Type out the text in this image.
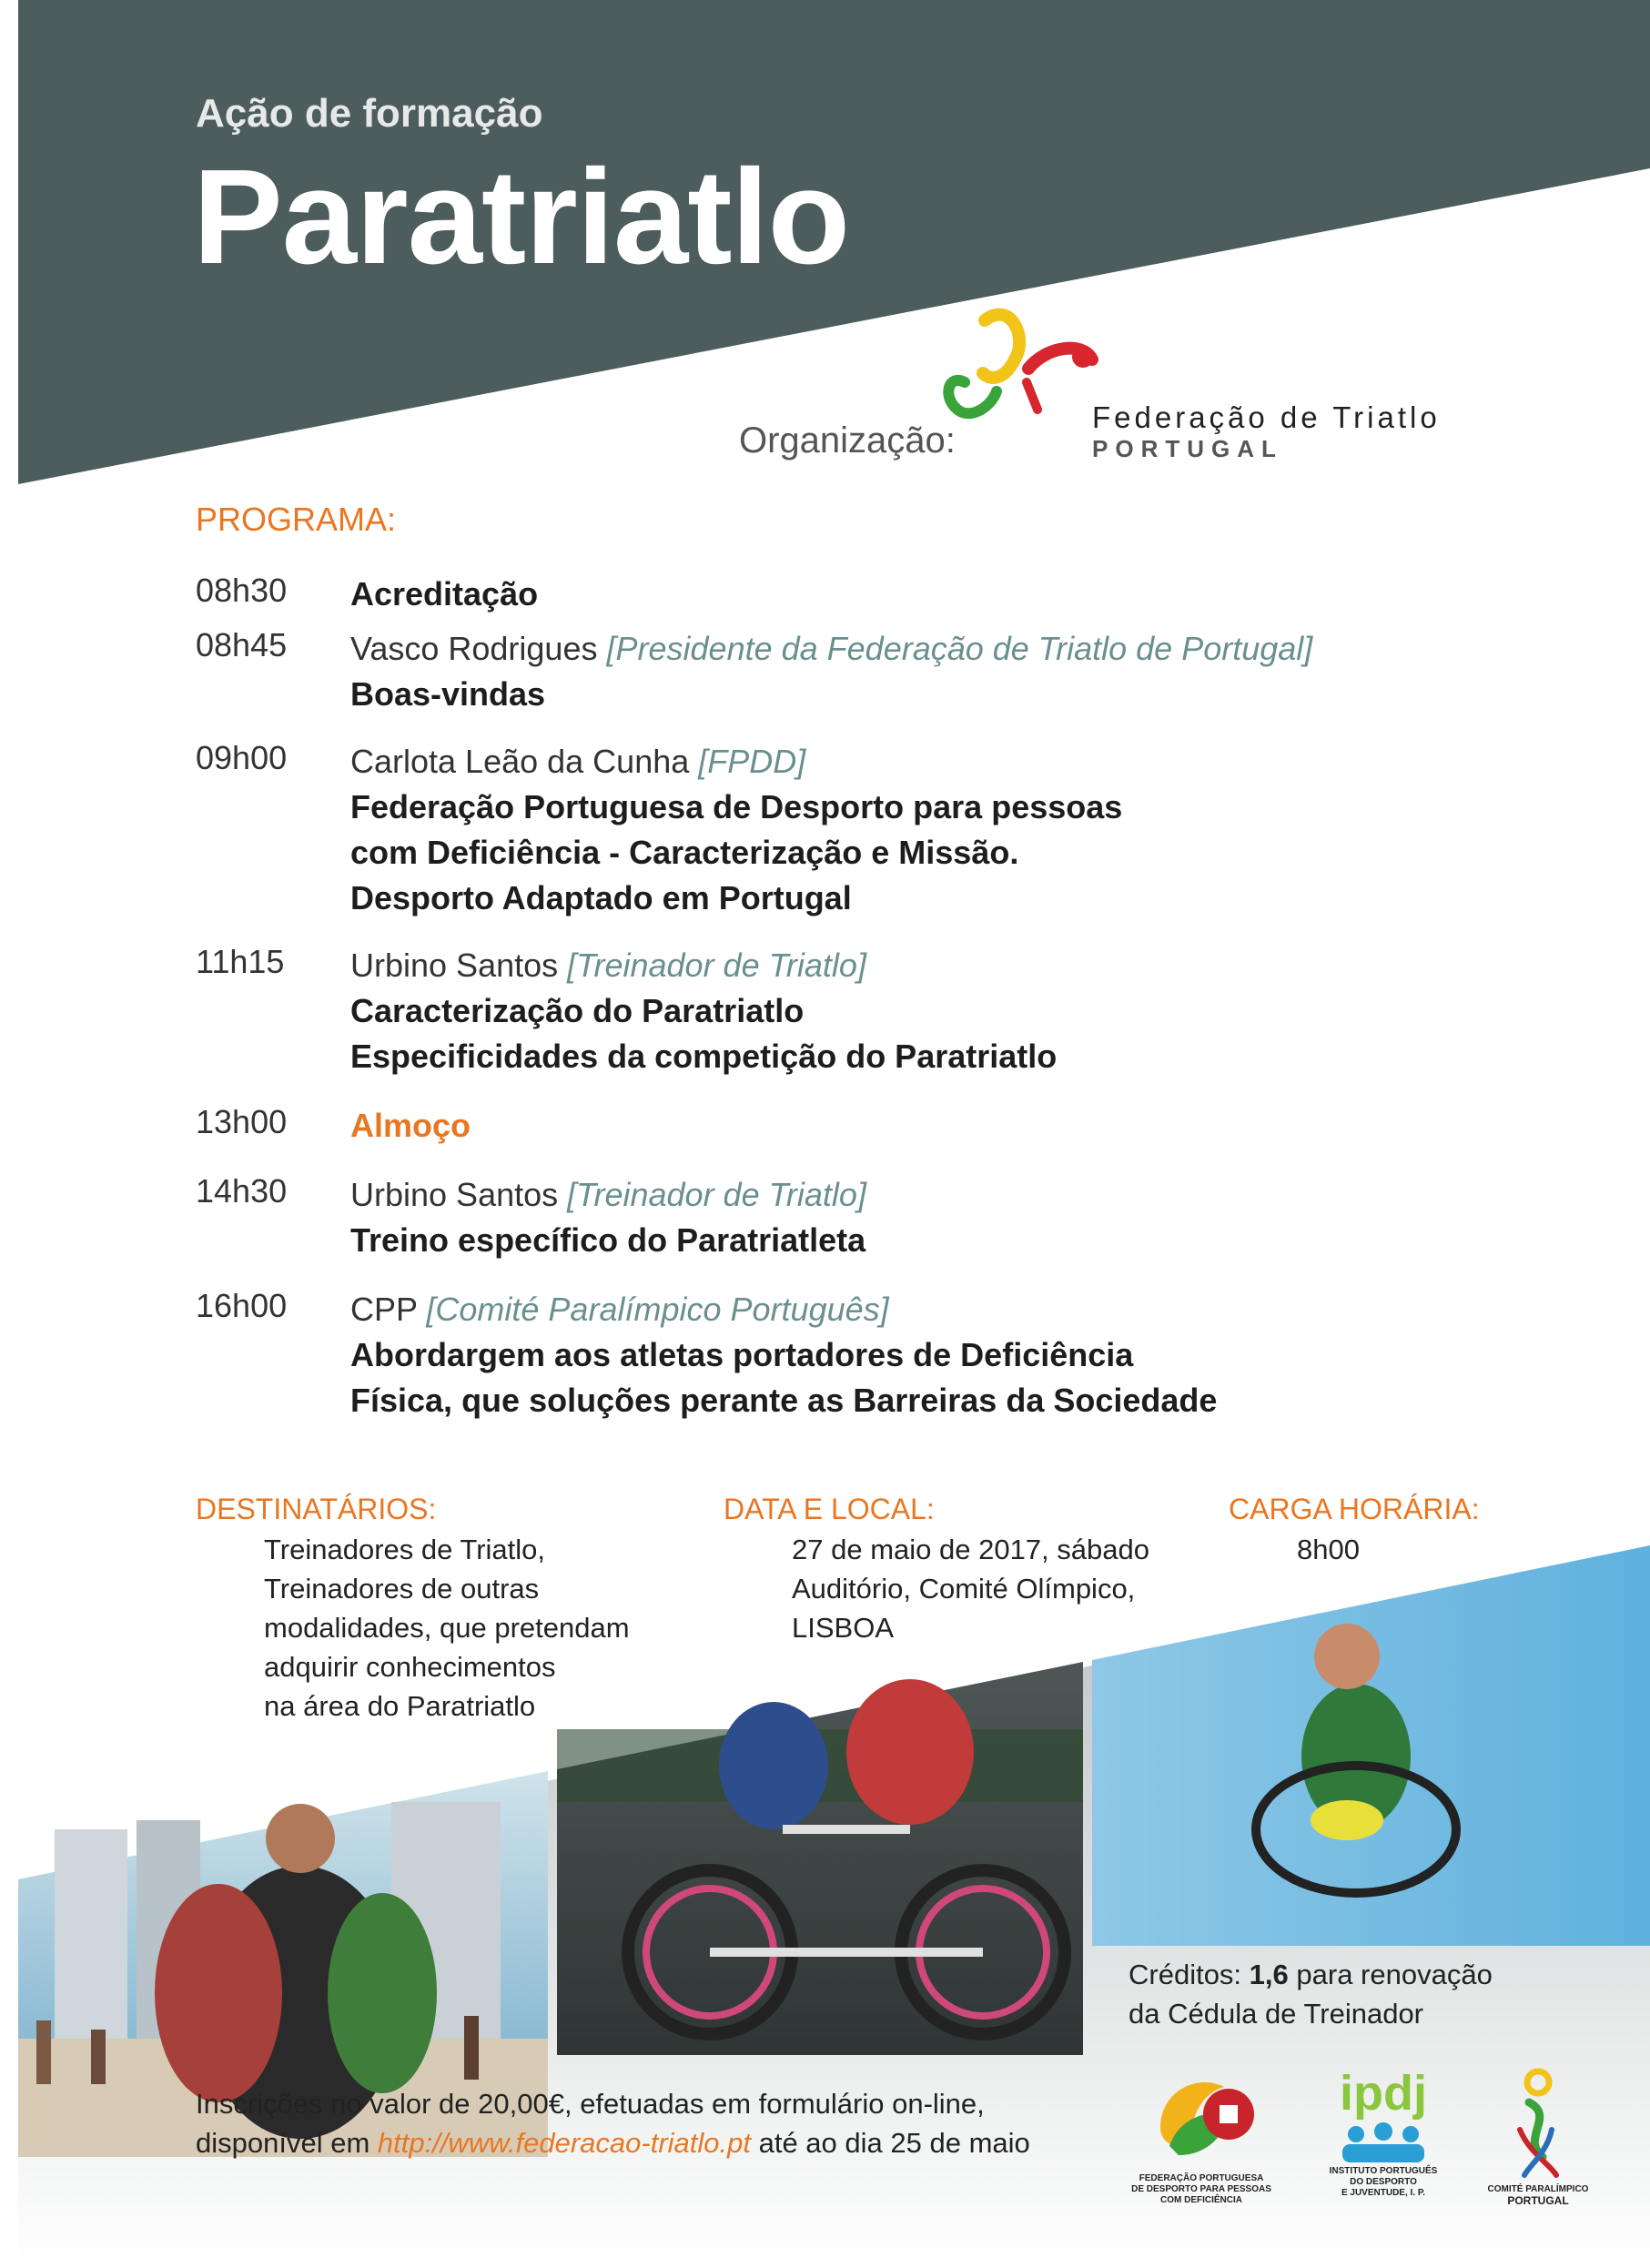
Ação de formação
Paratriatlo
Organização:
Federação de Triatlo
PORTUGAL
PROGRAMA:
08h30 Acreditação
08h45 Vasco Rodrigues [Presidente da Federação de Triatlo de Portugal]
Boas-vindas
09h00 Carlota Leão da Cunha [FPDD]
Federação Portuguesa de Desporto para pessoas
com Deficiência - Caracterização e Missão.
Desporto Adaptado em Portugal
11h15 Urbino Santos [Treinador de Triatlo]
Caracterização do Paratriatlo
Especificidades da competição do Paratriatlo
13h00 Almoço
14h30 Urbino Santos [Treinador de Triatlo]
Treino específico do Paratriatleta
16h00 CPP [Comité Paralímpico Português]
Abordargem aos atletas portadores de Deficiência
Física, que soluções perante as Barreiras da Sociedade
DESTINATÁRIOS:
Treinadores de Triatlo,
Treinadores de outras
modalidades, que pretendam
adquirir conhecimentos
na área do Paratriatlo
DATA E LOCAL:
27 de maio de 2017, sábado
Auditório, Comité Olímpico,
LISBOA
CARGA HORÁRIA:
8h00
Créditos: 1,6 para renovação
da Cédula de Treinador
Inscrições no valor de 20,00€, efetuadas em formulário on-line,
disponível em http://www.federacao-triatlo.pt até ao dia 25 de maio
FEDERAÇÃO PORTUGUESA
DE DESPORTO PARA PESSOAS
COM DEFICIÊNCIA
ipdj
INSTITUTO PORTUGUÊS
DO DESPORTO
E JUVENTUDE, I. P.	COMITÉ PARALÍMPICO
PORTUGAL
